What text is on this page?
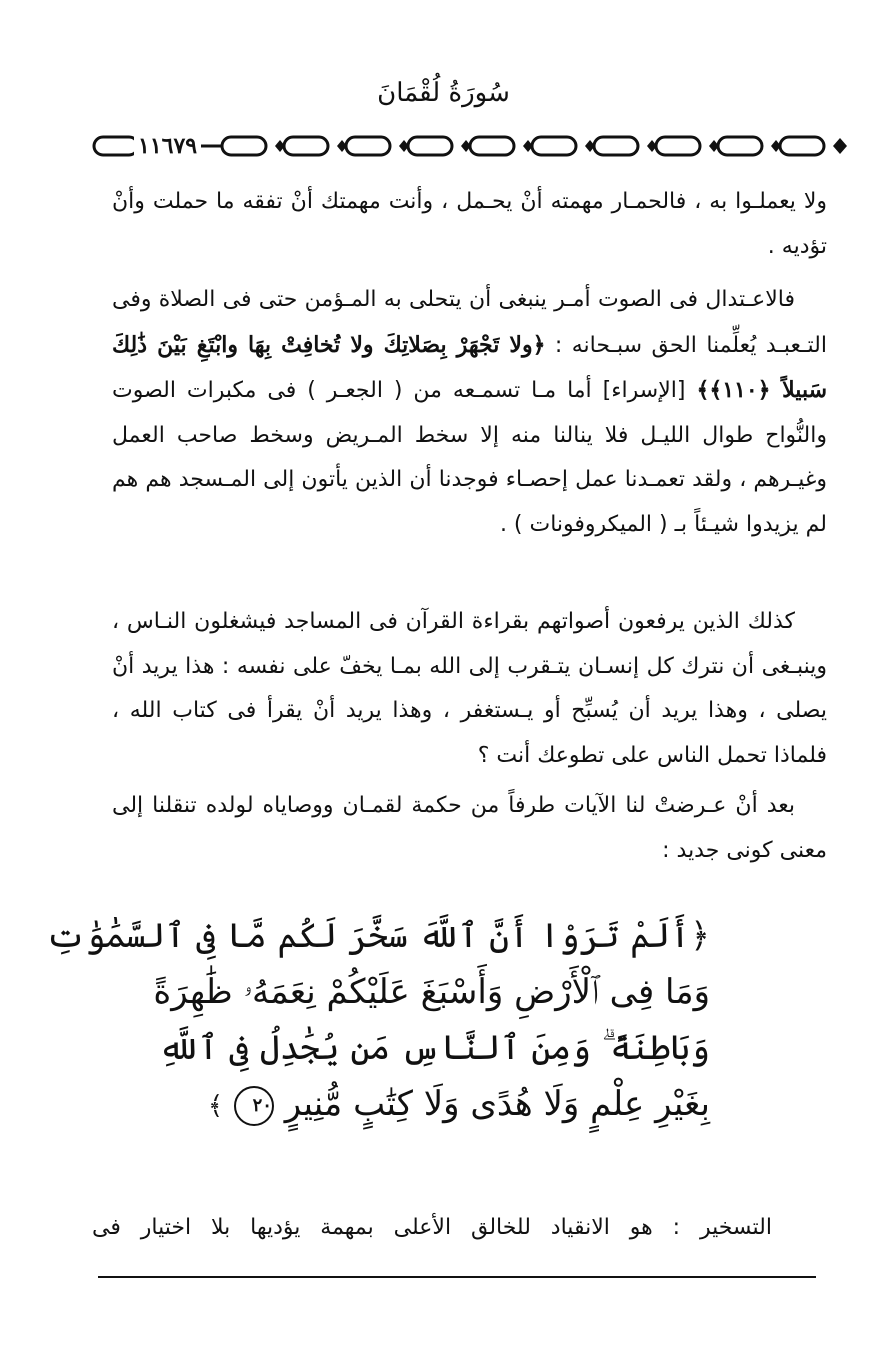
سُورَةُ لُقْمَانَ
١١٦٧٩

ولا يعملـوا به ، فالحمـار مهمته أنْ يحـمل ، وأنت مهمتك أنْ تفقه ما حملت وأنْ تؤديه .

فالاعـتدال فى الصوت أمـر ينبغى أن يتحلى به المـؤمن حتى فى الصلاة وفى التـعبـد يُعلِّمنا الحق سبـحانه : ﴿ولا تَجْهَرْ بِصَلاتِكَ ولا تُخافِتْ بِهَا وابْتَغِ بَيْنَ ذَٰلِكَ سَبيلاً ﴿١١٠﴾﴾ [الإسراء] أما مـا تسمـعه من ( الجعـر ) فى مكبرات الصوت والنُّواح طوال الليـل فلا ينالنا منه إلا سخط المـريض وسخط صاحب العمل وغيـرهم ، ولقد تعمـدنا عمل إحصـاء فوجدنا أن الذين يأتون إلى المـسجد هم هم لم يزيدوا شيـئاً بـ ( الميكروفونات ) .

كذلك الذين يرفعون أصواتهم بقراءة القرآن فى المساجد فيشغلون النـاس ، وينبـغى أن نترك كل إنسـان يتـقرب إلى الله بمـا يخفّ على نفسه : هذا يريد أنْ يصلى ، وهذا يريد أن يُسبِّح أو يـستغفر ، وهذا يريد أنْ يقرأ فى كتاب الله ، فلماذا تحمل الناس على تطوعك أنت ؟

بعد أنْ عـرضتْ لنا الآيات طرفاً من حكمة لقمـان ووصاياه لولده تنقلنا إلى معنى كونى جديد :

﴿أَلَمْ تَرَوْا أَنَّ ٱللَّهَ سَخَّرَ لَكُم مَّا فِى ٱلسَّمَٰوَٰتِ
وَمَا فِى ٱلْأَرْضِ وَأَسْبَغَ عَلَيْكُمْ نِعَمَهُۥ ظَٰهِرَةً
وَبَاطِنَةً ۗ وَمِنَ ٱلنَّاسِ مَن يُجَٰدِلُ فِى ٱللَّهِ
بِغَيْرِ عِلْمٍ وَلَا هُدًى وَلَا كِتَٰبٍ مُّنِيرٍ ٢٠ ﴾
التسخير : هو الانقياد للخالق الأعلى بمهمة يؤديها بلا اختيار فى
